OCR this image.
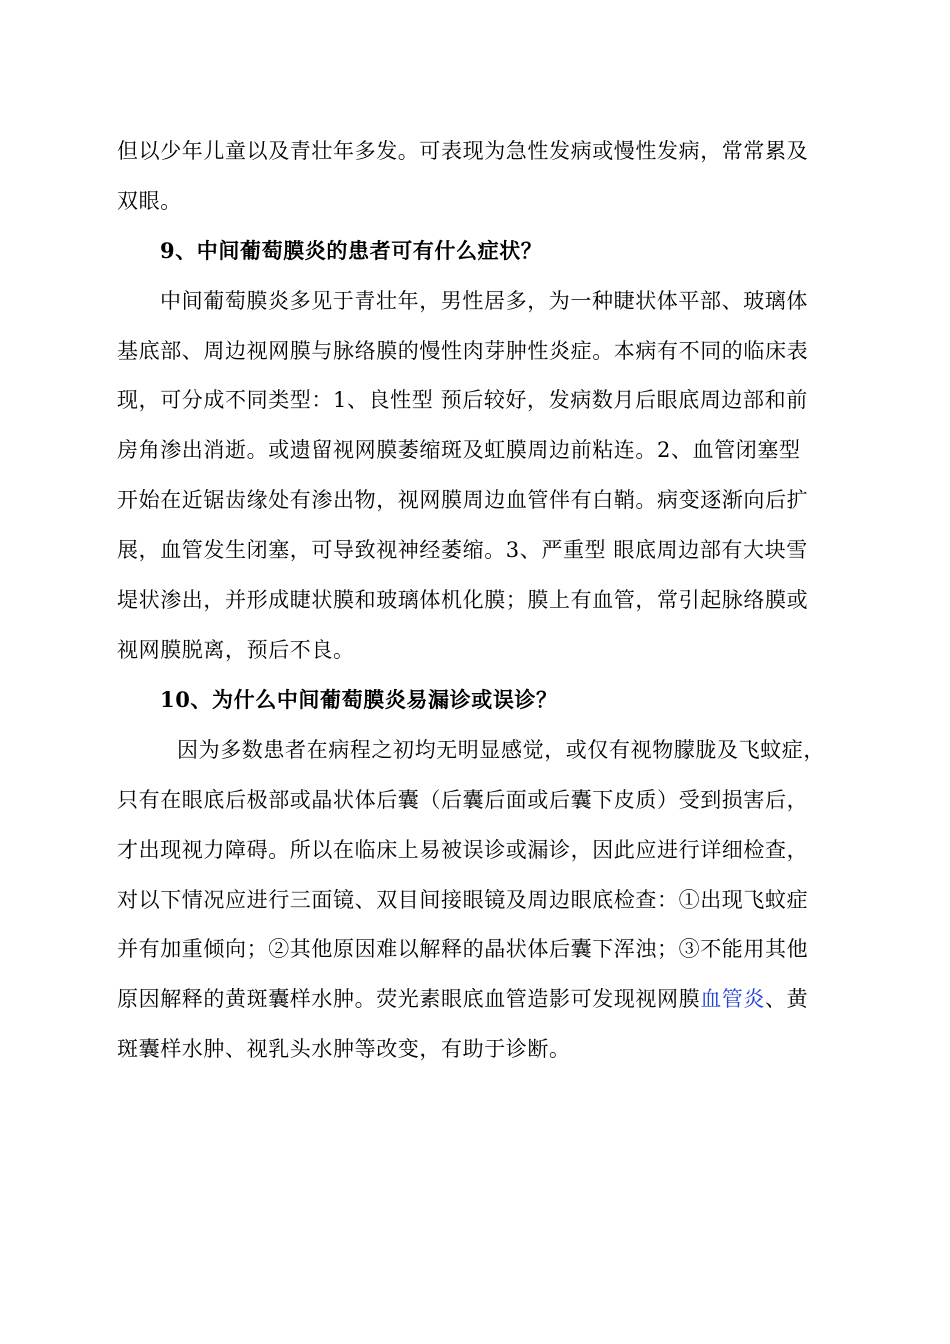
但以少年儿童以及青壮年多发。可表现为急性发病或慢性发病，常常累及
双眼。
9、中间葡萄膜炎的患者可有什么症状？
中间葡萄膜炎多见于青壮年，男性居多，为一种睫状体平部、玻璃体
基底部、周边视网膜与脉络膜的慢性肉芽肿性炎症。本病有不同的临床表
现，可分成不同类型：1、良性型 预后较好，发病数月后眼底周边部和前
房角渗出消逝。或遗留视网膜萎缩斑及虹膜周边前粘连。2、血管闭塞型
开始在近锯齿缘处有渗出物，视网膜周边血管伴有白鞘。病变逐渐向后扩
展，血管发生闭塞，可导致视神经萎缩。3、严重型 眼底周边部有大块雪
堤状渗出，并形成睫状膜和玻璃体机化膜；膜上有血管，常引起脉络膜或
视网膜脱离，预后不良。
10、为什么中间葡萄膜炎易漏诊或误诊？
因为多数患者在病程之初均无明显感觉，或仅有视物朦胧及飞蚊症，
只有在眼底后极部或晶状体后囊（后囊后面或后囊下皮质）受到损害后，
才出现视力障碍。所以在临床上易被误诊或漏诊，因此应进行详细检查，
对以下情况应进行三面镜、双目间接眼镜及周边眼底检查：①出现飞蚊症
并有加重倾向；②其他原因难以解释的晶状体后囊下浑浊；③不能用其他
原因解释的黄斑囊样水肿。荧光素眼底血管造影可发现视网膜血管炎、黄
斑囊样水肿、视乳头水肿等改变，有助于诊断。
